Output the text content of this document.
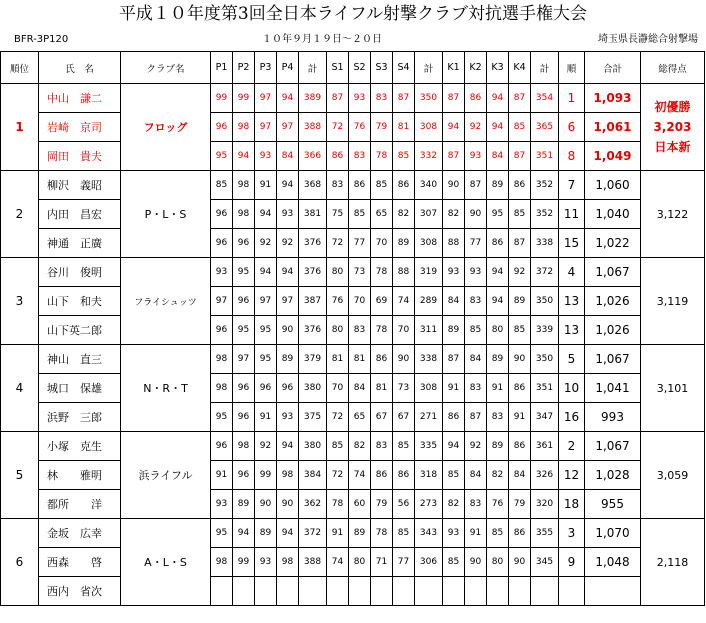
平成１０年度第3回全日本ライフル射撃クラブ対抗選手権大会
BFR-3P120	１０年９月１９日～２０日	埼玉県長瀞総合射撃場
順位	氏　名	クラブ名	P1	P2	P3	P4	計	S1	S2	S3	S4	計	K1	K2	K3	K4	計	順	合計	総得点
1	中山　謙二	フロッグ	99	99	97	94	389	87	93	83	87	350	87	86	94	87	354	1	1,093	初優勝
3,203
日本新

	岩崎　京司		96	98	97	97	388	72	76	79	81	308	94	92	94	85	365	6	1,061	
	岡田　貴夫		95	94	93	84	366	86	83	78	85	332	87	93	84	87	351	8	1,049	
2	柳沢　義昭	P・L・S	85	98	91	94	368	83	86	85	86	340	90	87	89	86	352	7	1,060	3,122
	内田　昌宏		96	98	94	93	381	75	85	65	82	307	82	90	95	85	352	11	1,040	
	神通　正廣		96	96	92	92	376	72	77	70	89	308	88	77	86	87	338	15	1,022	
3	谷川　俊明	フライシュッツ	93	95	94	94	376	80	73	78	88	319	93	93	94	92	372	4	1,067	3,119
	山下　和夫		97	96	97	97	387	76	70	69	74	289	84	83	94	89	350	13	1,026	
	山下英二郎		96	95	95	90	376	80	83	78	70	311	89	85	80	85	339	13	1,026	
4	神山　直三	N・R・T	98	97	95	89	379	81	81	86	90	338	87	84	89	90	350	5	1,067	3,101
	城口　保雄		98	96	96	96	380	70	84	81	73	308	91	83	91	86	351	10	1,041	
	浜野　三郎		95	96	91	93	375	72	65	67	67	271	86	87	83	91	347	16	993	
5	小塚　克生	浜ライフル	96	98	92	94	380	85	82	83	85	335	94	92	89	86	361	2	1,067	3,059
	林　　雅明		91	96	99	98	384	72	74	86	86	318	85	84	82	84	326	12	1,028	
	都所　　洋		93	89	90	90	362	78	60	79	56	273	82	83	76	79	320	18	955	
6	金坂　広幸	A・L・S	95	94	89	94	372	91	89	78	85	343	93	91	85	86	355	3	1,070	2,118
	西森　　啓		98	99	93	98	388	74	80	71	77	306	85	90	80	90	345	9	1,048	
	西内　省次																			
